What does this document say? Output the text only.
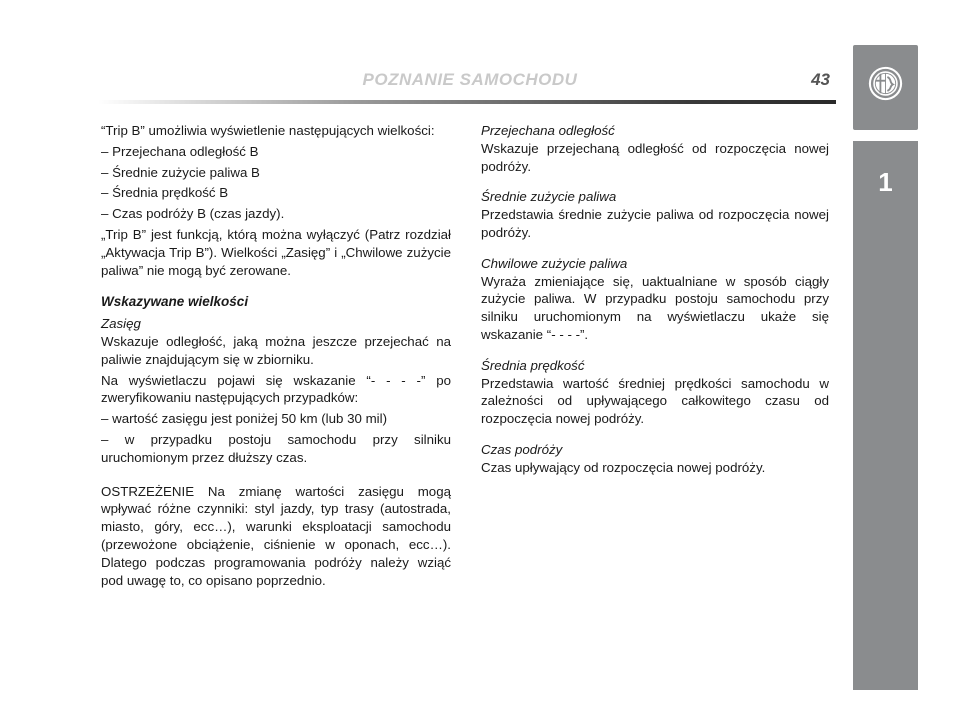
POZNANIE SAMOCHODU	43
1

“Trip B” umożliwia wyświetlenie następujących wielkości:

– Przejechana odległość B

– Średnie zużycie paliwa B

– Średnia prędkość B

– Czas podróży B (czas jazdy).

„Trip B” jest funkcją, którą można wyłączyć (Patrz rozdział „Aktywacja Trip B”). Wielkości „Zasięg” i „Chwilowe zużycie paliwa” nie mogą być zerowane.

Wskazywane wielkości

Zasięg

Wskazuje odległość, jaką można jeszcze przejechać na paliwie znajdującym się w zbiorniku.

Na wyświetlaczu pojawi się wskazanie “- - - -” po zweryfikowaniu następujących przypadków:

– wartość zasięgu jest poniżej 50 km (lub 30 mil)

– w przypadku postoju samochodu przy silniku uruchomionym przez dłuższy czas.

OSTRZEŻENIE Na zmianę wartości zasięgu mogą wpływać różne czynniki: styl jazdy, typ trasy (autostrada, miasto, góry, ecc…), warunki eksploatacji samochodu (przewożone obciążenie, ciśnienie w oponach, ecc…). Dlatego podczas programowania podróży należy wziąć pod uwagę to, co opisano poprzednio.

Przejechana odległość

Wskazuje przejechaną odległość od rozpoczęcia nowej podróży.

Średnie zużycie paliwa

Przedstawia średnie zużycie paliwa od rozpoczęcia nowej podróży.

Chwilowe zużycie paliwa

Wyraża zmieniające się, uaktualniane w sposób ciągły zużycie paliwa. W przypadku postoju samochodu przy silniku uruchomionym na wyświetlaczu ukaże się wskazanie “- - - -”.

Średnia prędkość

Przedstawia wartość średniej prędkości samochodu w zależności od upływającego całkowitego czasu od rozpoczęcia nowej podróży.

Czas podróży

Czas upływający od rozpoczęcia nowej podróży.
